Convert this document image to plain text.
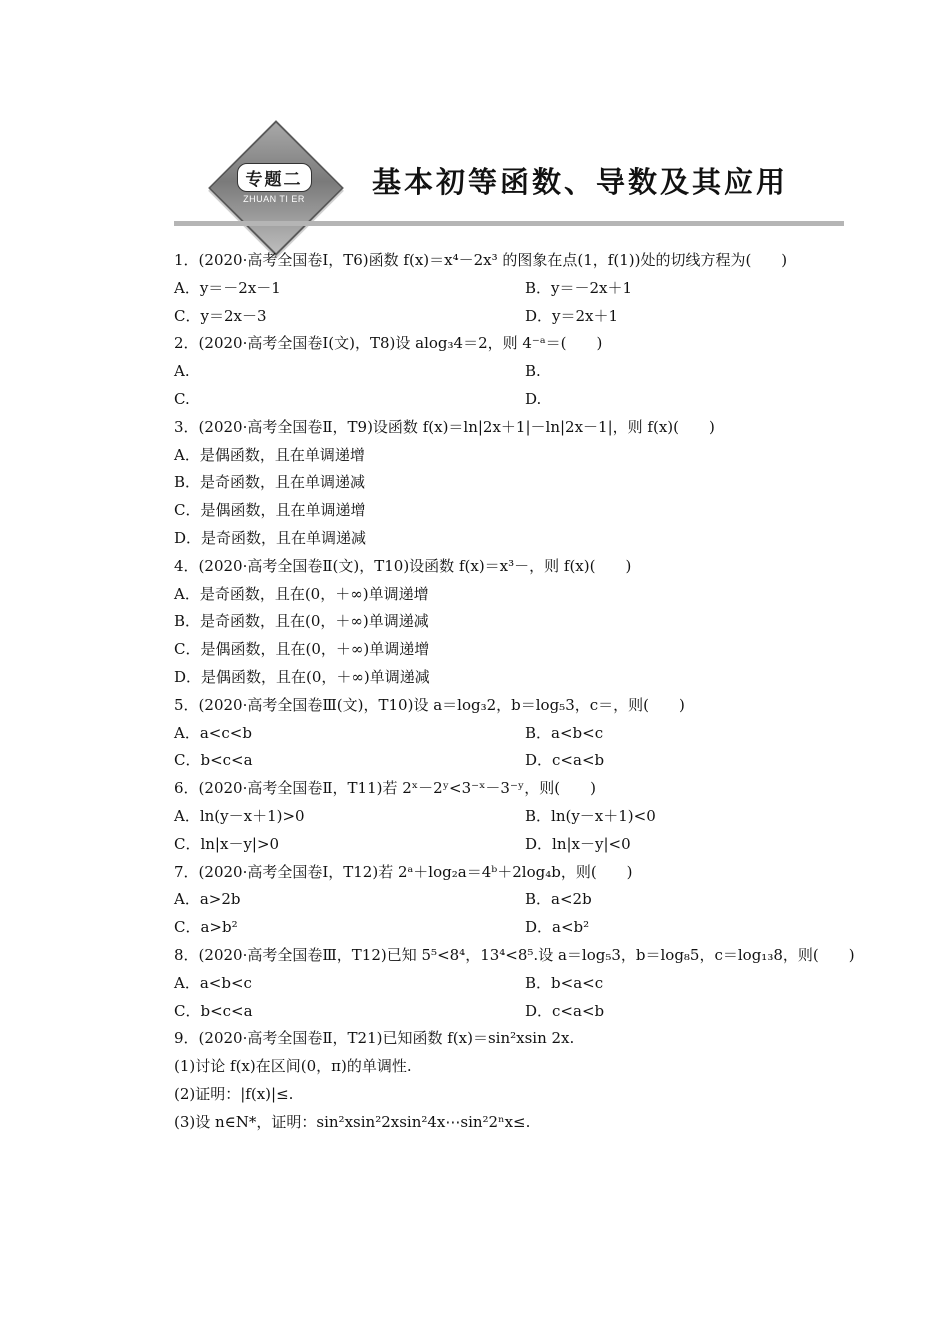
专题二
ZHUAN TI ER	基本初等函数、导数及其应用
1．(2020·高考全国卷Ⅰ，T6)函数 f(x)＝x⁴－2x³ 的图象在点(1，f(1))处的切线方程为(　　)
A．y＝－2x－1	B．y＝－2x＋1
C．y＝2x－3	D．y＝2x＋1
2．(2020·高考全国卷Ⅰ(文)，T8)设 alog₃4＝2，则 4⁻ᵃ＝(　　)
A.	B.
C.	D.
3．(2020·高考全国卷Ⅱ，T9)设函数 f(x)＝ln|2x＋1|－ln|2x－1|，则 f(x)(　　)
A．是偶函数，且在单调递增
B．是奇函数，且在单调递减
C．是偶函数，且在单调递增
D．是奇函数，且在单调递减
4．(2020·高考全国卷Ⅱ(文)，T10)设函数 f(x)＝x³－，则 f(x)(　　)
A．是奇函数，且在(0，＋∞)单调递增
B．是奇函数，且在(0，＋∞)单调递减
C．是偶函数，且在(0，＋∞)单调递增
D．是偶函数，且在(0，＋∞)单调递减
5．(2020·高考全国卷Ⅲ(文)，T10)设 a＝log₃2，b＝log₅3，c＝，则(　　)
A．a<c<b	B．a<b<c
C．b<c<a	D．c<a<b
6．(2020·高考全国卷Ⅱ，T11)若 2ˣ－2ʸ<3⁻ˣ－3⁻ʸ，则(　　)
A．ln(y－x＋1)>0	B．ln(y－x＋1)<0
C．ln|x－y|>0	D．ln|x－y|<0
7．(2020·高考全国卷Ⅰ，T12)若 2ᵃ＋log₂a＝4ᵇ＋2log₄b，则(　　)
A．a>2b	B．a<2b
C．a>b²	D．a<b²
8．(2020·高考全国卷Ⅲ，T12)已知 5⁵<8⁴，13⁴<8⁵.设 a＝log₅3，b＝log₈5，c＝log₁₃8，则(　　)
A．a<b<c	B．b<a<c
C．b<c<a	D．c<a<b
9．(2020·高考全国卷Ⅱ，T21)已知函数 f(x)＝sin²xsin 2x.
(1)讨论 f(x)在区间(0，π)的单调性.
(2)证明：|f(x)|≤.
(3)设 n∈N*，证明：sin²xsin²2xsin²4x⋯sin²2ⁿx≤.
